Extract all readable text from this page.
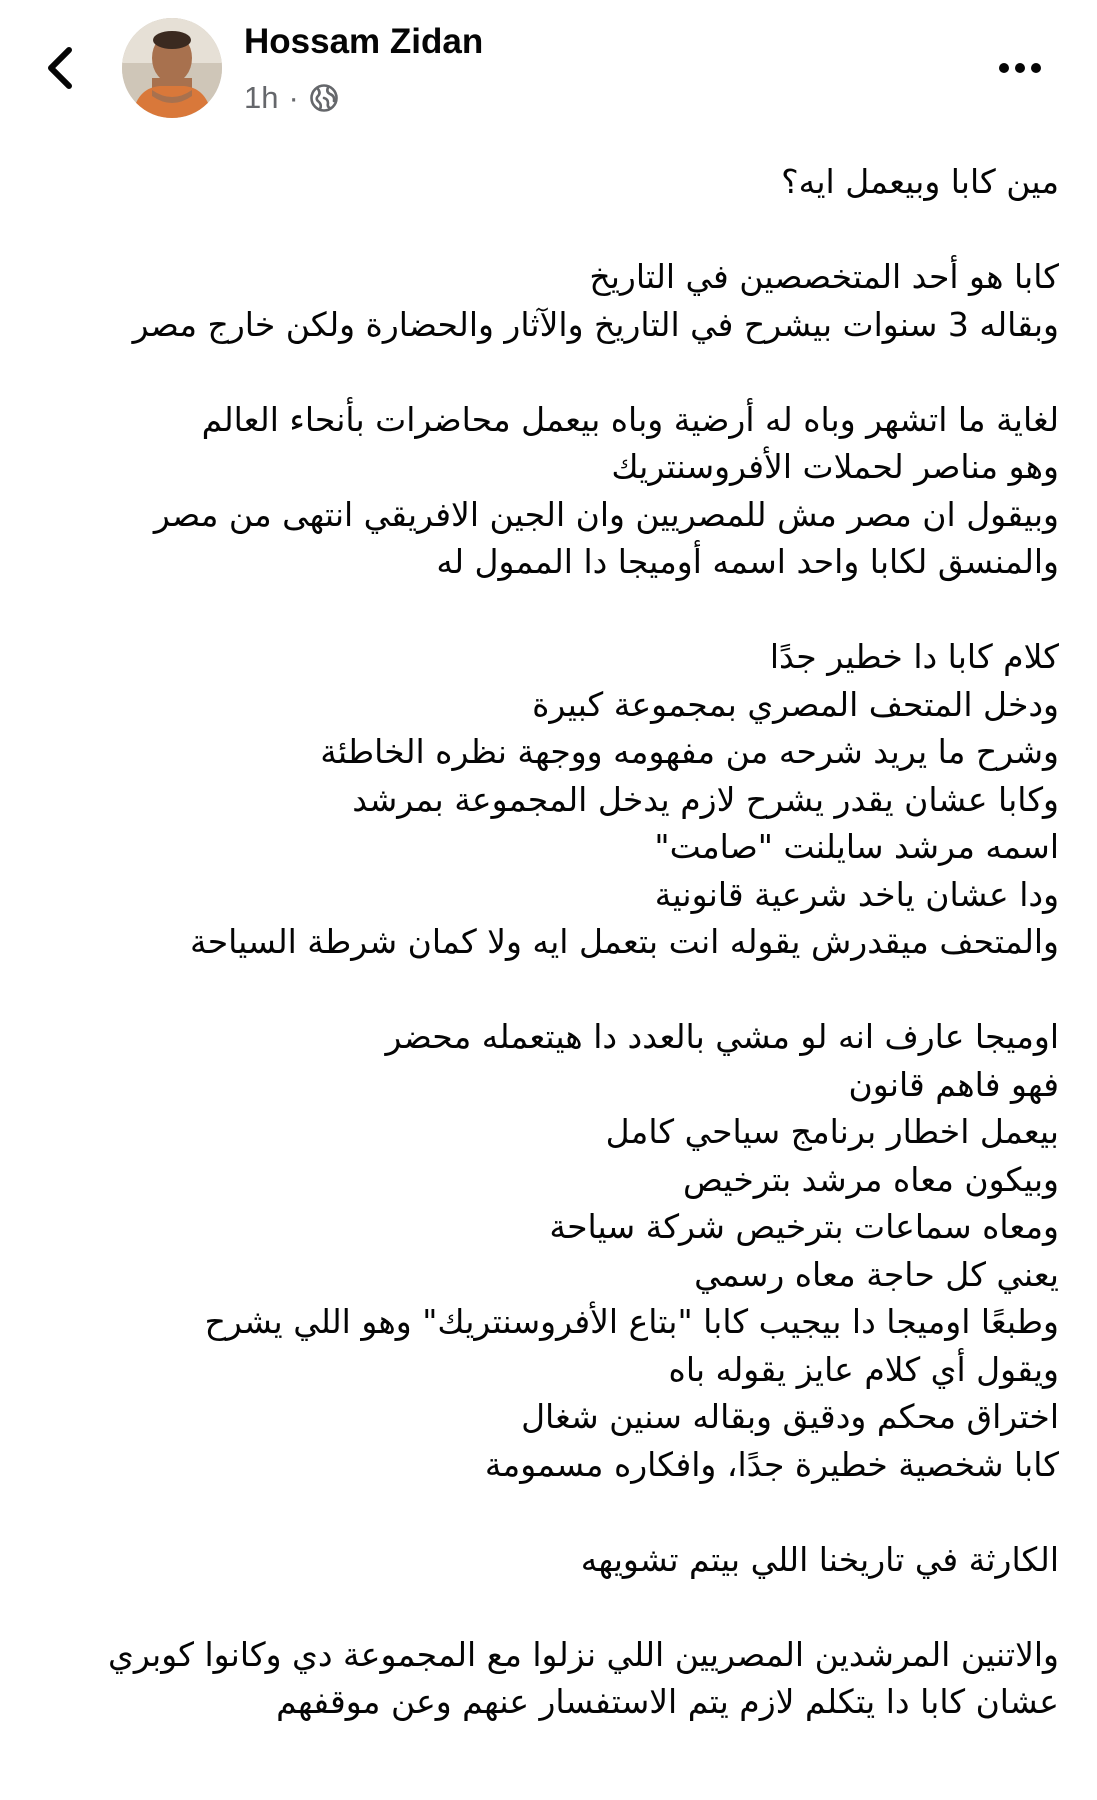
Hossam Zidan
1h ·
مين كابا وبيعمل ايه؟
كابا هو أحد المتخصصين في التاريخ
وبقاله 3 سنوات بيشرح في التاريخ والآثار والحضارة ولكن خارج مصر
لغاية ما اتشهر وباه له أرضية وباه بيعمل محاضرات بأنحاء العالم
وهو مناصر لحملات الأفروسنتريك
وبيقول ان مصر مش للمصريين وان الجين الافريقي انتهى من مصر
والمنسق لكابا واحد اسمه أوميجا دا الممول له
كلام كابا دا خطير جدًا
ودخل المتحف المصري بمجموعة كبيرة
وشرح ما يريد شرحه من مفهومه ووجهة نظره الخاطئة
وكابا عشان يقدر يشرح لازم يدخل المجموعة بمرشد
اسمه مرشد سايلنت "صامت"
ودا عشان ياخد شرعية قانونية
والمتحف ميقدرش يقوله انت بتعمل ايه ولا كمان شرطة السياحة
اوميجا عارف انه لو مشي بالعدد دا هيتعمله محضر
فهو فاهم قانون
بيعمل اخطار برنامج سياحي كامل
وبيكون معاه مرشد بترخيص
ومعاه سماعات بترخيص شركة سياحة
يعني كل حاجة معاه رسمي
وطبعًا اوميجا دا بيجيب كابا "بتاع الأفروسنتريك" وهو اللي يشرح
ويقول أي كلام عايز يقوله باه
اختراق محكم ودقيق وبقاله سنين شغال
كابا شخصية خطيرة جدًا، وافكاره مسمومة
الكارثة في تاريخنا اللي بيتم تشويهه
والاتنين المرشدين المصريين اللي نزلوا مع المجموعة دي وكانوا كوبري
عشان كابا دا يتكلم لازم يتم الاستفسار عنهم وعن موقفهم
